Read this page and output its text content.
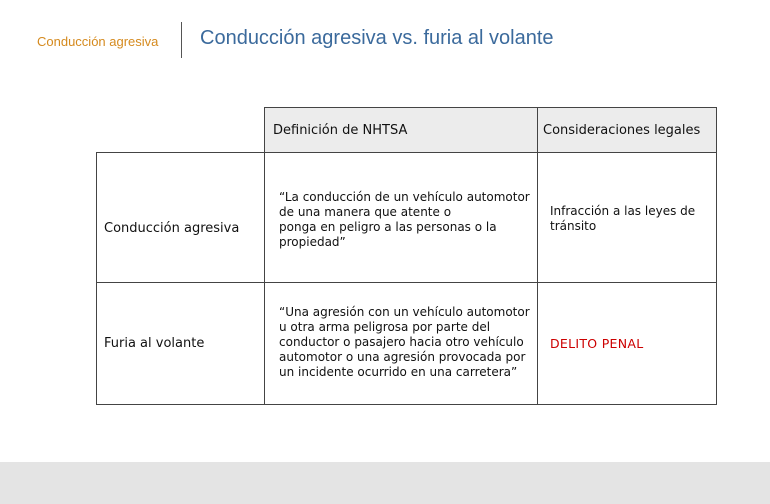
Conducción agresiva Conducción agresiva vs. furia al volante
Definición de NHTSA	Consideraciones legales
Conducción agresiva
“La conducción de un vehículo automotor
de una manera que atente o
ponga en peligro a las personas o la
propiedad”
Infracción a las leyes de
tránsito
Furia al volante
“Una agresión con un vehículo automotor
u otra arma peligrosa por parte del
conductor o pasajero hacia otro vehículo
automotor o una agresión provocada por
un incidente ocurrido en una carretera”
DELITO PENAL
